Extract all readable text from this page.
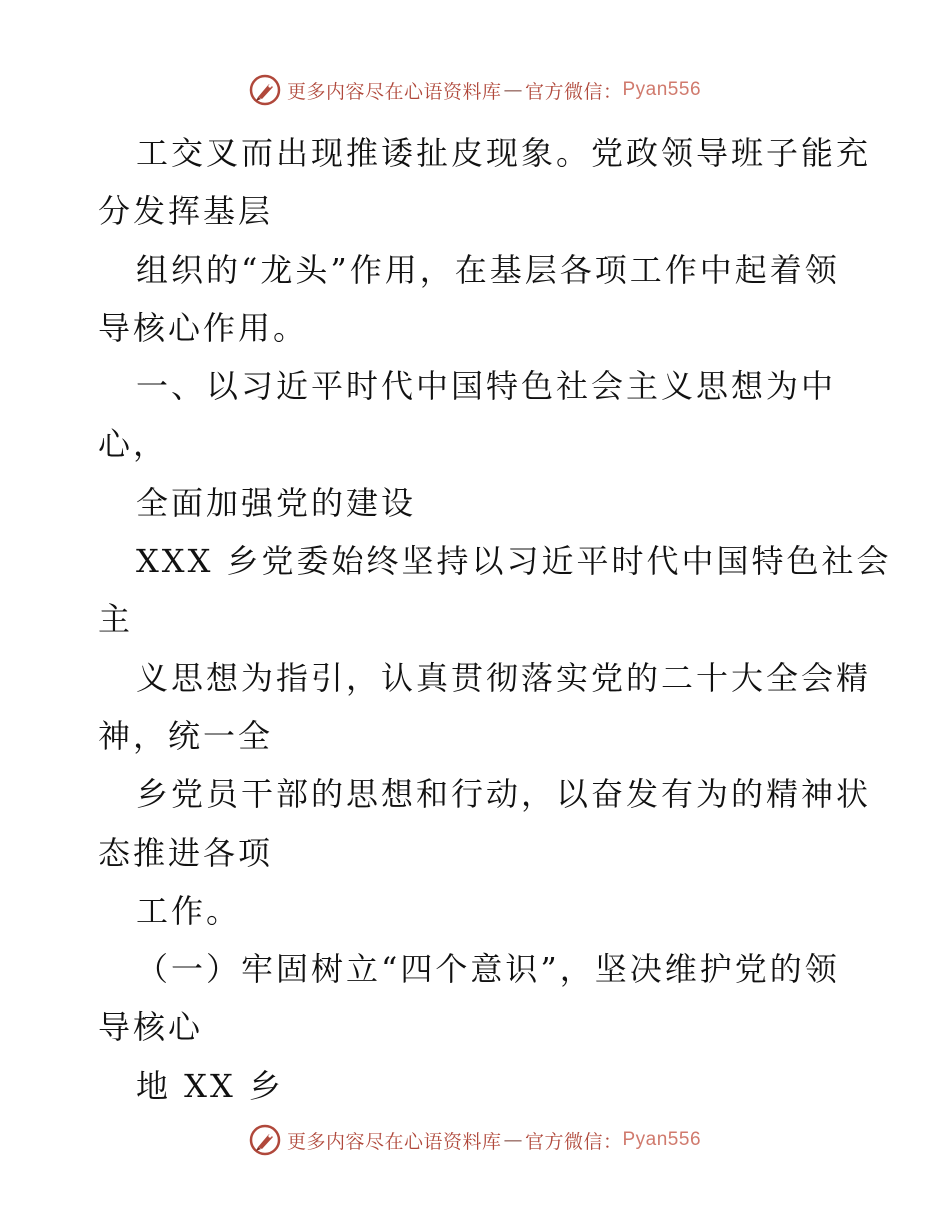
更多内容尽在心语资料库 — 官方微信： Pyan556
工交叉而出现推诿扯皮现象。党政领导班子能充
分发挥基层
组织的“龙头”作用，在基层各项工作中起着领
导核心作用。
一、以习近平时代中国特色社会主义思想为中
心，
全面加强党的建设
XXX 乡党委始终坚持以习近平时代中国特色社会
主
义思想为指引，认真贯彻落实党的二十大全会精
神，统一全
乡党员干部的思想和行动，以奋发有为的精神状
态推进各项
工作。
（一）牢固树立“四个意识”，坚决维护党的领
导核心
地 XX 乡
更多内容尽在心语资料库 — 官方微信： Pyan556
